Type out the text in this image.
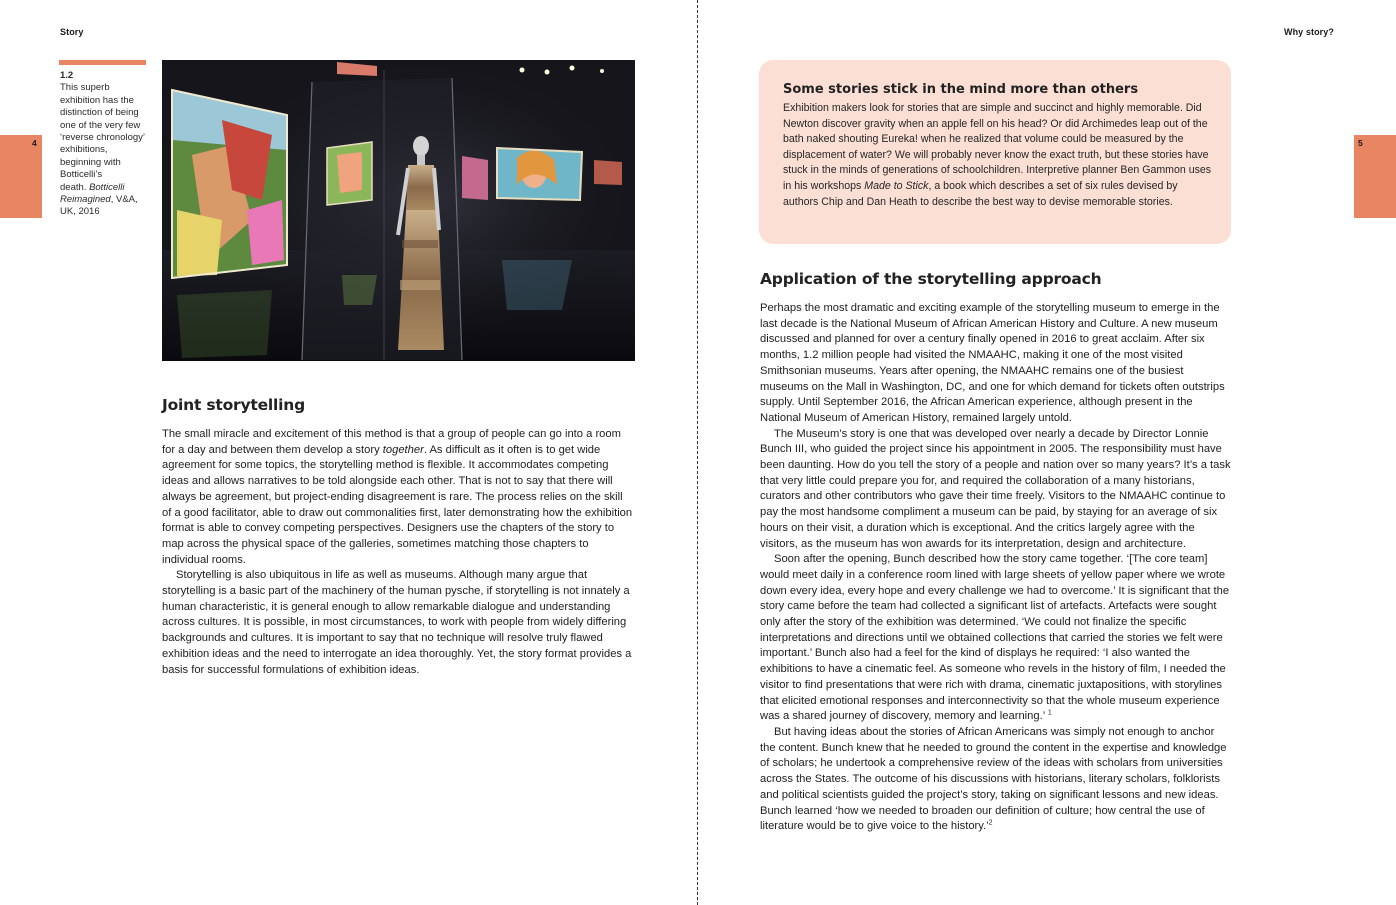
Story	Why story?
4	5
1.2
This superb
exhibition has the
distinction of being
one of the very few
‘reverse chronology’
exhibitions,
beginning with
Botticelli’s
death. Botticelli
Reimagined, V&A,
UK, 2016
Joint storytelling

The small miracle and excitement of this method is that a group of people can go into a room for a day and between them develop a story together. As difficult as it often is to get wide agreement for some topics, the storytelling method is flexible. It accommodates competing ideas and allows narratives to be told alongside each other. That is not to say that there will always be agreement, but project-ending disagreement is rare. The process relies on the skill of a good facilitator, able to draw out commonalities first, later demonstrating how the exhibition format is able to convey competing perspectives. Designers use the chapters of the story to map across the physical space of the galleries, sometimes matching those chapters to individual rooms.

Storytelling is also ubiquitous in life as well as museums. Although many argue that storytelling is a basic part of the machinery of the human pysche, if storytelling is not innately a human characteristic, it is general enough to allow remarkable dialogue and understanding across cultures. It is possible, in most circumstances, to work with people from widely differing backgrounds and cultures. It is important to say that no technique will resolve truly flawed exhibition ideas and the need to interrogate an idea thoroughly. Yet, the story format provides a basis for successful formulations of exhibition ideas.

Some stories stick in the mind more than others

Exhibition makers look for stories that are simple and succinct and highly memorable. Did Newton discover gravity when an apple fell on his head? Or did Archimedes leap out of the bath naked shouting Eureka! when he realized that volume could be measured by the displacement of water? We will probably never know the exact truth, but these stories have stuck in the minds of generations of schoolchildren. Interpretive planner Ben Gammon uses in his workshops Made to Stick, a book which describes a set of six rules devised by authors Chip and Dan Heath to describe the best way to devise memorable stories.

Application of the storytelling approach

Perhaps the most dramatic and exciting example of the storytelling museum to emerge in the last decade is the National Museum of African American History and Culture. A new museum discussed and planned for over a century finally opened in 2016 to great acclaim. After six months, 1.2 million people had visited the NMAAHC, making it one of the most visited Smithsonian museums. Years after opening, the NMAAHC remains one of the busiest museums on the Mall in Washington, DC, and one for which demand for tickets often outstrips supply. Until September 2016, the African American experience, although present in the National Museum of American History, remained largely untold.

The Museum’s story is one that was developed over nearly a decade by Director Lonnie Bunch III, who guided the project since his appointment in 2005. The responsibility must have been daunting. How do you tell the story of a people and nation over so many years? It’s a task that very little could prepare you for, and required the collaboration of a many historians, curators and other contributors who gave their time freely. Visitors to the NMAAHC continue to pay the most handsome compliment a museum can be paid, by staying for an average of six hours on their visit, a duration which is exceptional. And the critics largely agree with the visitors, as the museum has won awards for its interpretation, design and architecture.

Soon after the opening, Bunch described how the story came together. ‘[The core team] would meet daily in a conference room lined with large sheets of yellow paper where we wrote down every idea, every hope and every challenge we had to overcome.’ It is significant that the story came before the team had collected a significant list of artefacts. Artefacts were sought only after the story of the exhibition was determined. ‘We could not finalize the specific interpretations and directions until we obtained collections that carried the stories we felt were important.’ Bunch also had a feel for the kind of displays he required: ‘I also wanted the exhibitions to have a cinematic feel. As someone who revels in the history of film, I needed the visitor to find presentations that were rich with drama, cinematic juxtapositions, with storylines that elicited emotional responses and interconnectivity so that the whole museum experience was a shared journey of discovery, memory and learning.’ $^1$

But having ideas about the stories of African Americans was simply not enough to anchor the content. Bunch knew that he needed to ground the content in the expertise and knowledge of scholars; he undertook a comprehensive review of the ideas with scholars from universities across the States. The outcome of his discussions with historians, literary scholars, folklorists and political scientists guided the project’s story, taking on significant lessons and new ideas. Bunch learned ‘how we needed to broaden our definition of culture; how central the use of literature would be to give voice to the history.’$^2$
